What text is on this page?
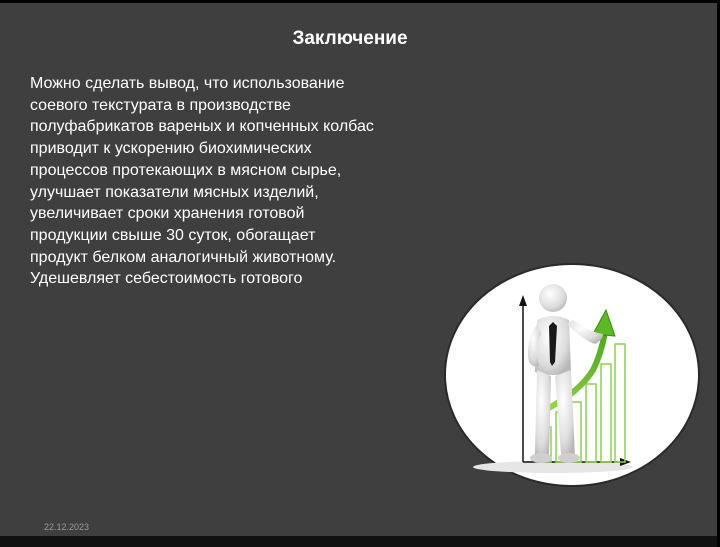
Заключение
Можно сделать вывод, что использование
соевого текстурата в производстве
полуфабрикатов вареных и копченных колбас
приводит к ускорению биохимических
процессов протекающих в мясном сырье,
улучшает показатели мясных изделий,
увеличивает сроки хранения готовой
продукции свыше 30 суток, обогащает
продукт белком аналогичный животному.
Удешевляет себестоимость готового
22.12.2023
